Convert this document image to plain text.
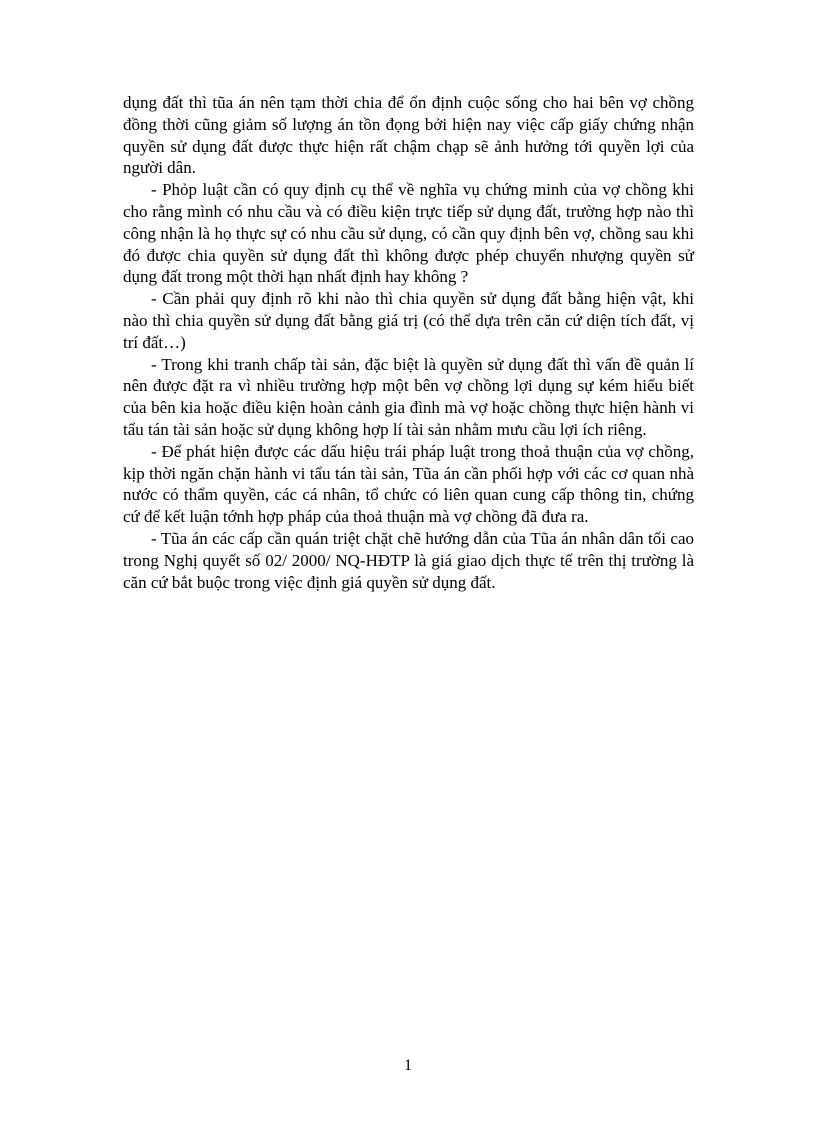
dụng đất thì tũa án nên tạm thời chia để ổn định cuộc sống cho hai bên vợ chồng đồng thời cũng giảm số lượng án tồn đọng bởi hiện nay việc cấp giấy chứng nhận quyền sử dụng đất được thực hiện rất chậm chạp sẽ ảnh hưởng tới quyền lợi của người dân.

- Phỏp luật cần có quy định cụ thể về nghĩa vụ chứng minh của vợ chồng khi cho rằng mình có nhu cầu và có điều kiện trực tiếp sử dụng đất, trường hợp nào thì công nhận là họ thực sự có nhu cầu sử dụng, có cần quy định bên vợ, chồng sau khi đó được chia quyền sử dụng đất thì không được phép chuyển nhượng quyền sử dụng đất trong một thời hạn nhất định hay không ?

- Cần phải quy định rõ khi nào thì chia quyền sử dụng đất bằng hiện vật, khi nào thì chia quyền sử dụng đất bằng giá trị (có thể dựa trên căn cứ diện tích đất, vị trí đất…)

- Trong khi tranh chấp tài sản, đặc biệt là quyền sử dụng đất thì vấn đề quản lí nên được đặt ra vì nhiều trường hợp một bên vợ chồng lợi dụng sự kém hiểu biết của bên kia hoặc điều kiện hoàn cảnh gia đình mà vợ hoặc chồng thực hiện hành vi tẩu tán tài sản hoặc sử dụng không hợp lí tài sản nhằm mưu cầu lợi ích riêng.

- Để phát hiện được các dấu hiệu trái pháp luật trong thoả thuận của vợ chồng, kịp thời ngăn chặn hành vi tẩu tán tài sản, Tũa án cần phối hợp với các cơ quan nhà nước có thẩm quyền, các cá nhân, tổ chức có liên quan cung cấp thông tin, chứng cứ để kết luận tớnh hợp pháp của thoả thuận mà vợ chồng đã đưa ra.

- Tũa án các cấp cần quán triệt chặt chẽ hướng dẫn của Tũa án nhân dân tối cao trong Nghị quyết số 02/ 2000/ NQ-HĐTP là giá giao dịch thực tế trên thị trường là căn cứ bắt buộc trong việc định giá quyền sử dụng đất.

1
